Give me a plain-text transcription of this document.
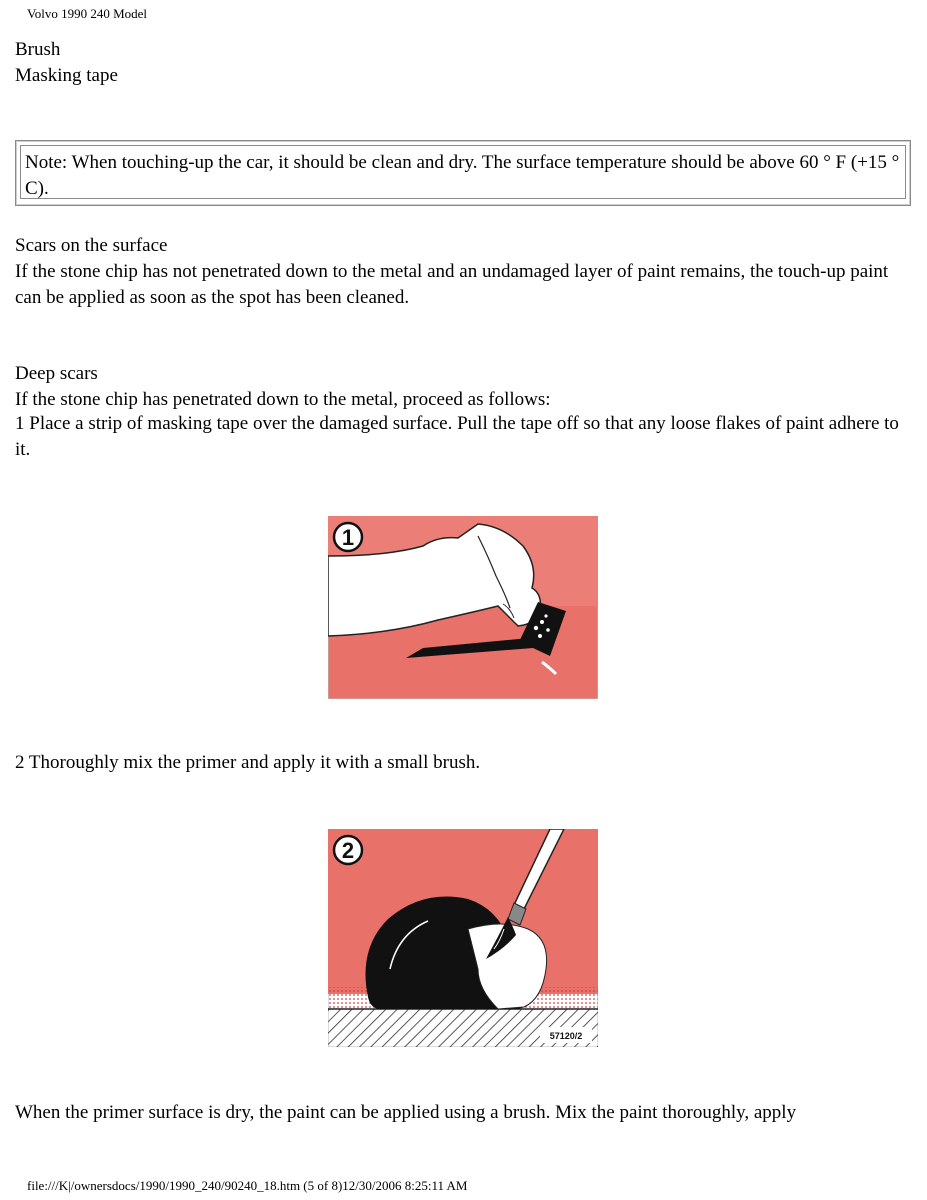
Volvo 1990 240 Model

Brush

Masking tape

Note: When touching-up the car, it should be clean and dry. The surface temperature should be above 60 ° F (+15 ° C).

Scars on the surface

If the stone chip has not penetrated down to the metal and an undamaged layer of paint remains, the touch-up paint can be applied as soon as the spot has been cleaned.

Deep scars

If the stone chip has penetrated down to the metal, proceed as follows:

1 Place a strip of masking tape over the damaged surface. Pull the tape off so that any loose flakes of paint adhere to it.

1

2 Thoroughly mix the primer and apply it with a small brush.

57120/2
2

When the primer surface is dry, the paint can be applied using a brush. Mix the paint thoroughly, apply

file:///K|/ownersdocs/1990/1990_240/90240_18.htm (5 of 8)12/30/2006 8:25:11 AM
